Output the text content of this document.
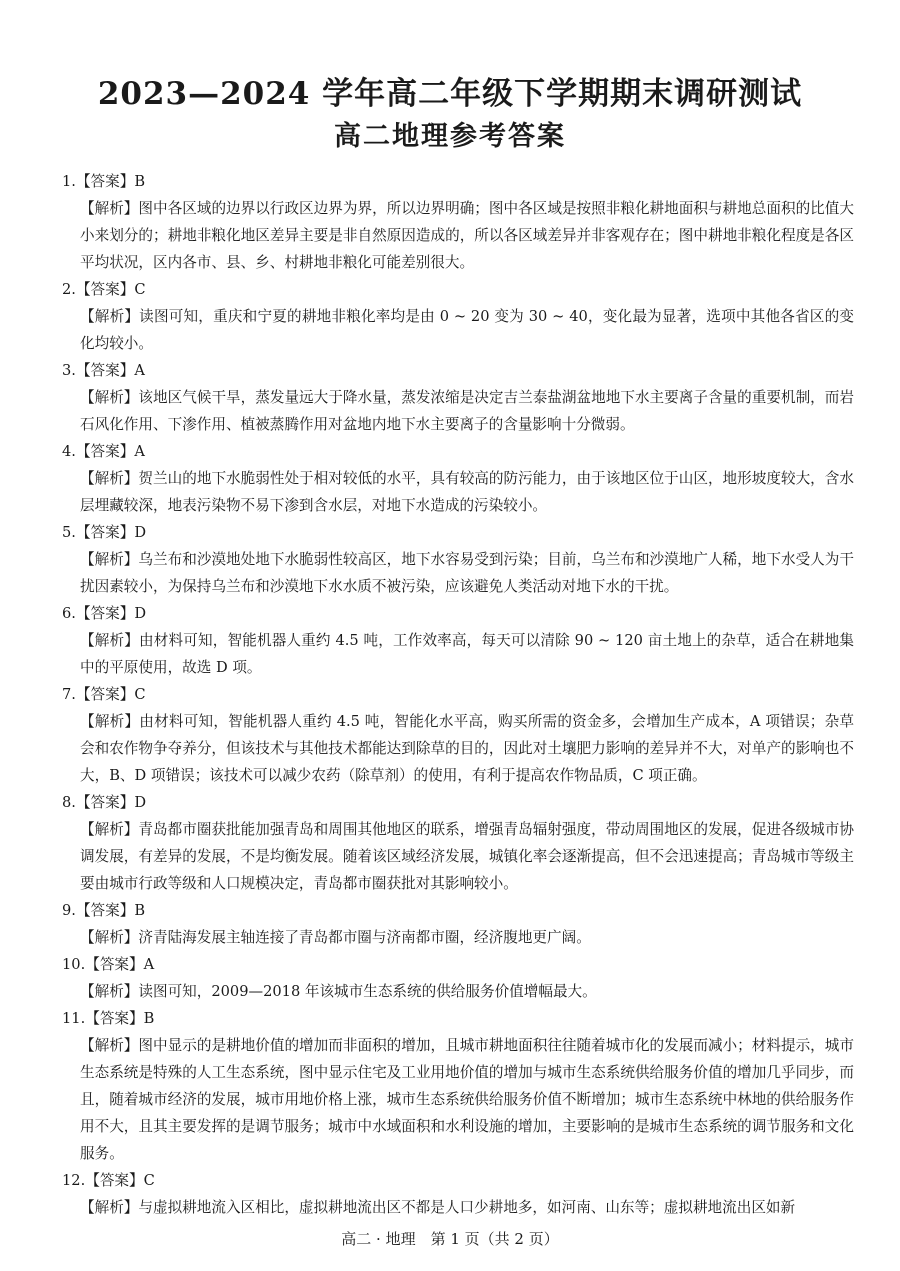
2023—2024 学年高二年级下学期期末调研测试
高二地理参考答案
1.【答案】B
【解析】图中各区域的边界以行政区边界为界，所以边界明确；图中各区域是按照非粮化耕地面积与耕地总面积的比值大小来划分的；耕地非粮化地区差异主要是非自然原因造成的，所以各区域差异并非客观存在；图中耕地非粮化程度是各区平均状况，区内各市、县、乡、村耕地非粮化可能差别很大。
2.【答案】C
【解析】读图可知，重庆和宁夏的耕地非粮化率均是由 0 ~ 20 变为 30 ~ 40，变化最为显著，选项中其他各省区的变化均较小。
3.【答案】A
【解析】该地区气候干旱，蒸发量远大于降水量，蒸发浓缩是决定吉兰泰盐湖盆地地下水主要离子含量的重要机制，而岩石风化作用、下渗作用、植被蒸腾作用对盆地内地下水主要离子的含量影响十分微弱。
4.【答案】A
【解析】贺兰山的地下水脆弱性处于相对较低的水平，具有较高的防污能力，由于该地区位于山区，地形坡度较大，含水层埋藏较深，地表污染物不易下渗到含水层，对地下水造成的污染较小。
5.【答案】D
【解析】乌兰布和沙漠地处地下水脆弱性较高区，地下水容易受到污染；目前，乌兰布和沙漠地广人稀，地下水受人为干扰因素较小，为保持乌兰布和沙漠地下水水质不被污染，应该避免人类活动对地下水的干扰。
6.【答案】D
【解析】由材料可知，智能机器人重约 4.5 吨，工作效率高，每天可以清除 90 ~ 120 亩土地上的杂草，适合在耕地集中的平原使用，故选 D 项。
7.【答案】C
【解析】由材料可知，智能机器人重约 4.5 吨，智能化水平高，购买所需的资金多，会增加生产成本，A 项错误；杂草会和农作物争夺养分，但该技术与其他技术都能达到除草的目的，因此对土壤肥力影响的差异并不大，对单产的影响也不大，B、D 项错误；该技术可以减少农药（除草剂）的使用，有利于提高农作物品质，C 项正确。
8.【答案】D
【解析】青岛都市圈获批能加强青岛和周围其他地区的联系，增强青岛辐射强度，带动周围地区的发展，促进各级城市协调发展，有差异的发展，不是均衡发展。随着该区域经济发展，城镇化率会逐渐提高，但不会迅速提高；青岛城市等级主要由城市行政等级和人口规模决定，青岛都市圈获批对其影响较小。
9.【答案】B
【解析】济青陆海发展主轴连接了青岛都市圈与济南都市圈，经济腹地更广阔。
10.【答案】A
【解析】读图可知，2009—2018 年该城市生态系统的供给服务价值增幅最大。
11.【答案】B
【解析】图中显示的是耕地价值的增加而非面积的增加，且城市耕地面积往往随着城市化的发展而减小；材料提示，城市生态系统是特殊的人工生态系统，图中显示住宅及工业用地价值的增加与城市生态系统供给服务价值的增加几乎同步，而且，随着城市经济的发展，城市用地价格上涨，城市生态系统供给服务价值不断增加；城市生态系统中林地的供给服务作用不大，且其主要发挥的是调节服务；城市中水域面积和水利设施的增加，主要影响的是城市生态系统的调节服务和文化服务。
12.【答案】C
【解析】与虚拟耕地流入区相比，虚拟耕地流出区不都是人口少耕地多，如河南、山东等；虚拟耕地流出区如新
高二 · 地理　第 1 页（共 2 页）
